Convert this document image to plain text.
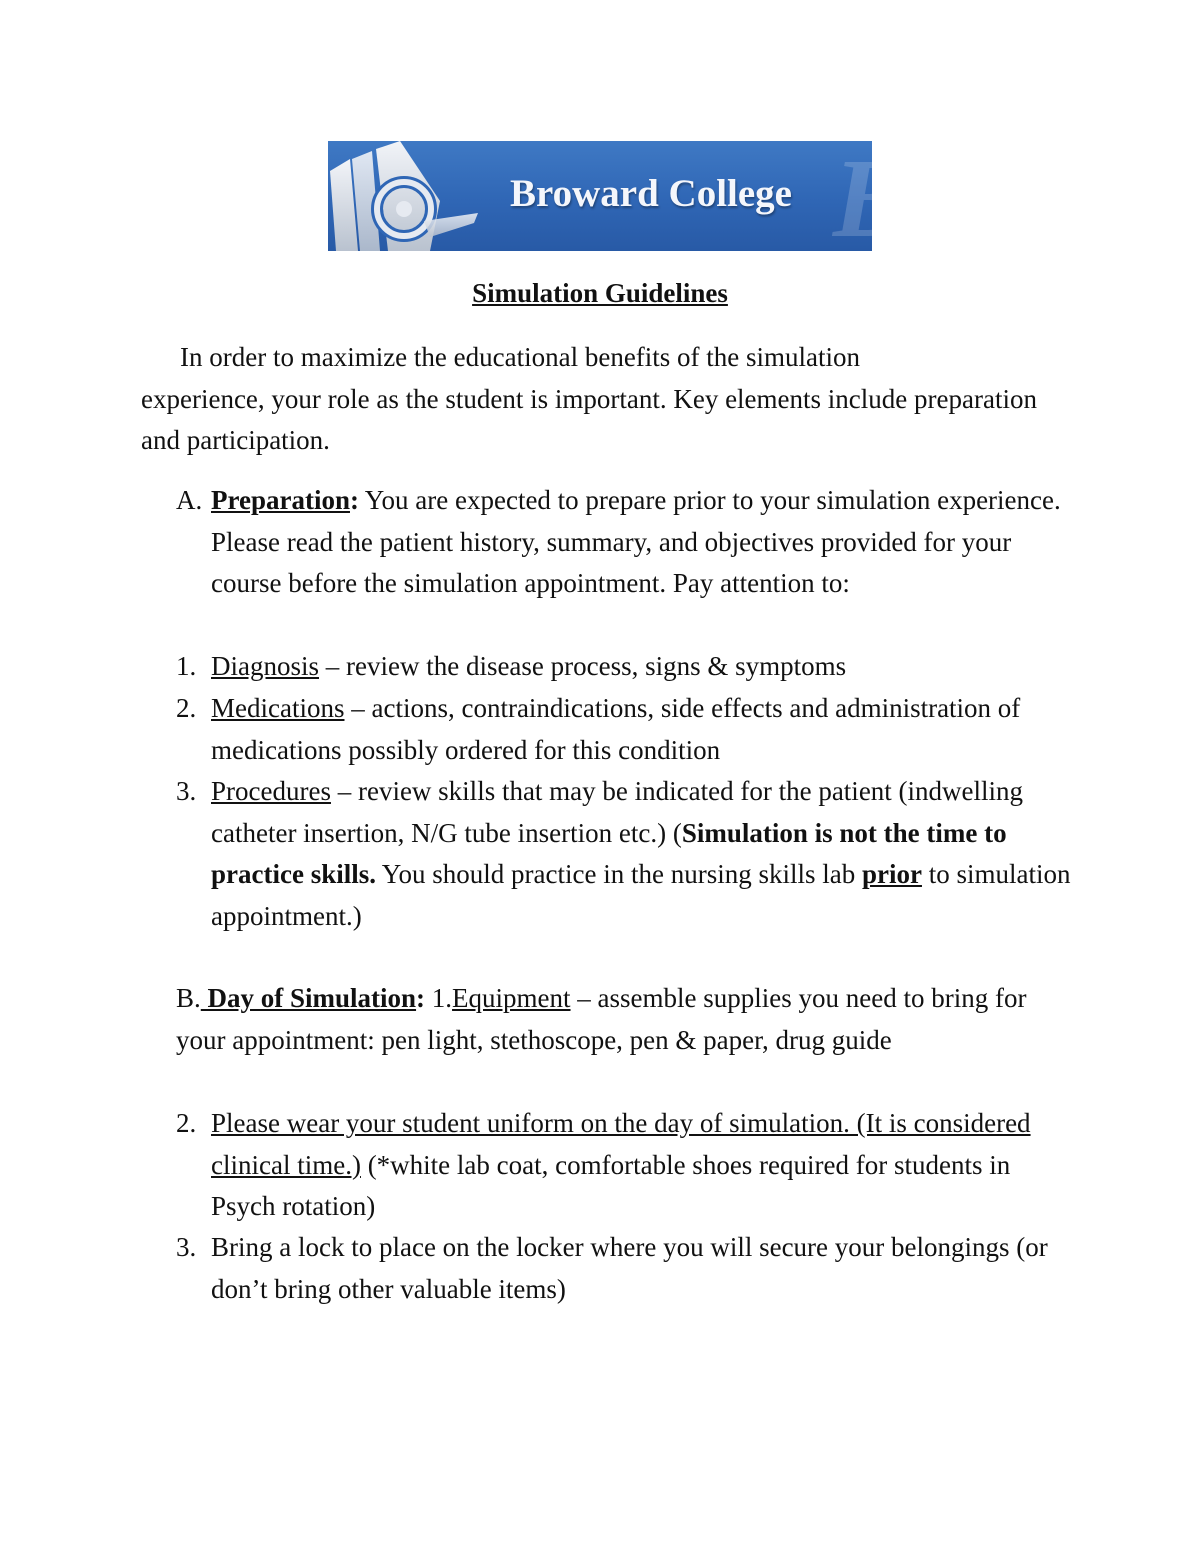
BC
Broward College
Simulation Guidelines
In order to maximize the educational benefits of the simulation
experience, your role as the student is important. Key elements include preparation and participation.
A. Preparation: You are expected to prepare prior to your simulation experience. Please read the patient history, summary, and objectives provided for your course before the simulation appointment. Pay attention to:
1. Diagnosis – review the disease process, signs & symptoms
2. Medications – actions, contraindications, side effects and administration of medications possibly ordered for this condition
3. Procedures – review skills that may be indicated for the patient (indwelling catheter insertion, N/G tube insertion etc.) (Simulation is not the time to practice skills. You should practice in the nursing skills lab prior to simulation appointment.)
B. Day of Simulation: 1.Equipment – assemble supplies you need to bring for your appointment: pen light, stethoscope, pen & paper, drug guide
2. Please wear your student uniform on the day of simulation. (It is considered clinical time.) (*white lab coat, comfortable shoes required for students in Psych rotation)
3. Bring a lock to place on the locker where you will secure your belongings (or don’t bring other valuable items)
